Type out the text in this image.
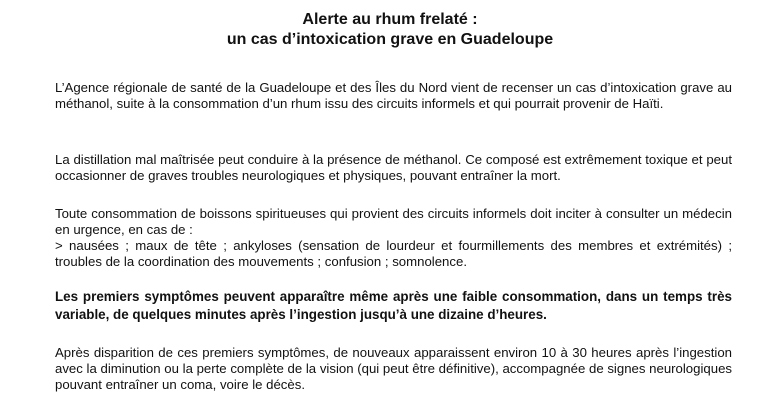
Alerte au rhum frelaté :
un cas d’intoxication grave en Guadeloupe

L’Agence régionale de santé de la Guadeloupe et des Îles du Nord vient de recenser un cas d’intoxication grave au méthanol, suite à la consommation d’un rhum issu des circuits informels et qui pourrait provenir de Haïti.

La distillation mal maîtrisée peut conduire à la présence de méthanol. Ce composé est extrêmement toxique et peut occasionner de graves troubles neurologiques et physiques, pouvant entraîner la mort.

Toute consommation de boissons spiritueuses qui provient des circuits informels doit inciter à consulter un médecin en urgence, en cas de :
> nausées ; maux de tête ; ankyloses (sensation de lourdeur et fourmillements des membres et extrémités) ; troubles de la coordination des mouvements ; confusion ; somnolence.

Les premiers symptômes peuvent apparaître même après une faible consommation, dans un temps très variable, de quelques minutes après l’ingestion jusqu’à une dizaine d’heures.

Après disparition de ces premiers symptômes, de nouveaux apparaissent environ 10 à 30 heures après l’ingestion avec la diminution ou la perte complète de la vision (qui peut être définitive), accompagnée de signes neurologiques pouvant entraîner un coma, voire le décès.
